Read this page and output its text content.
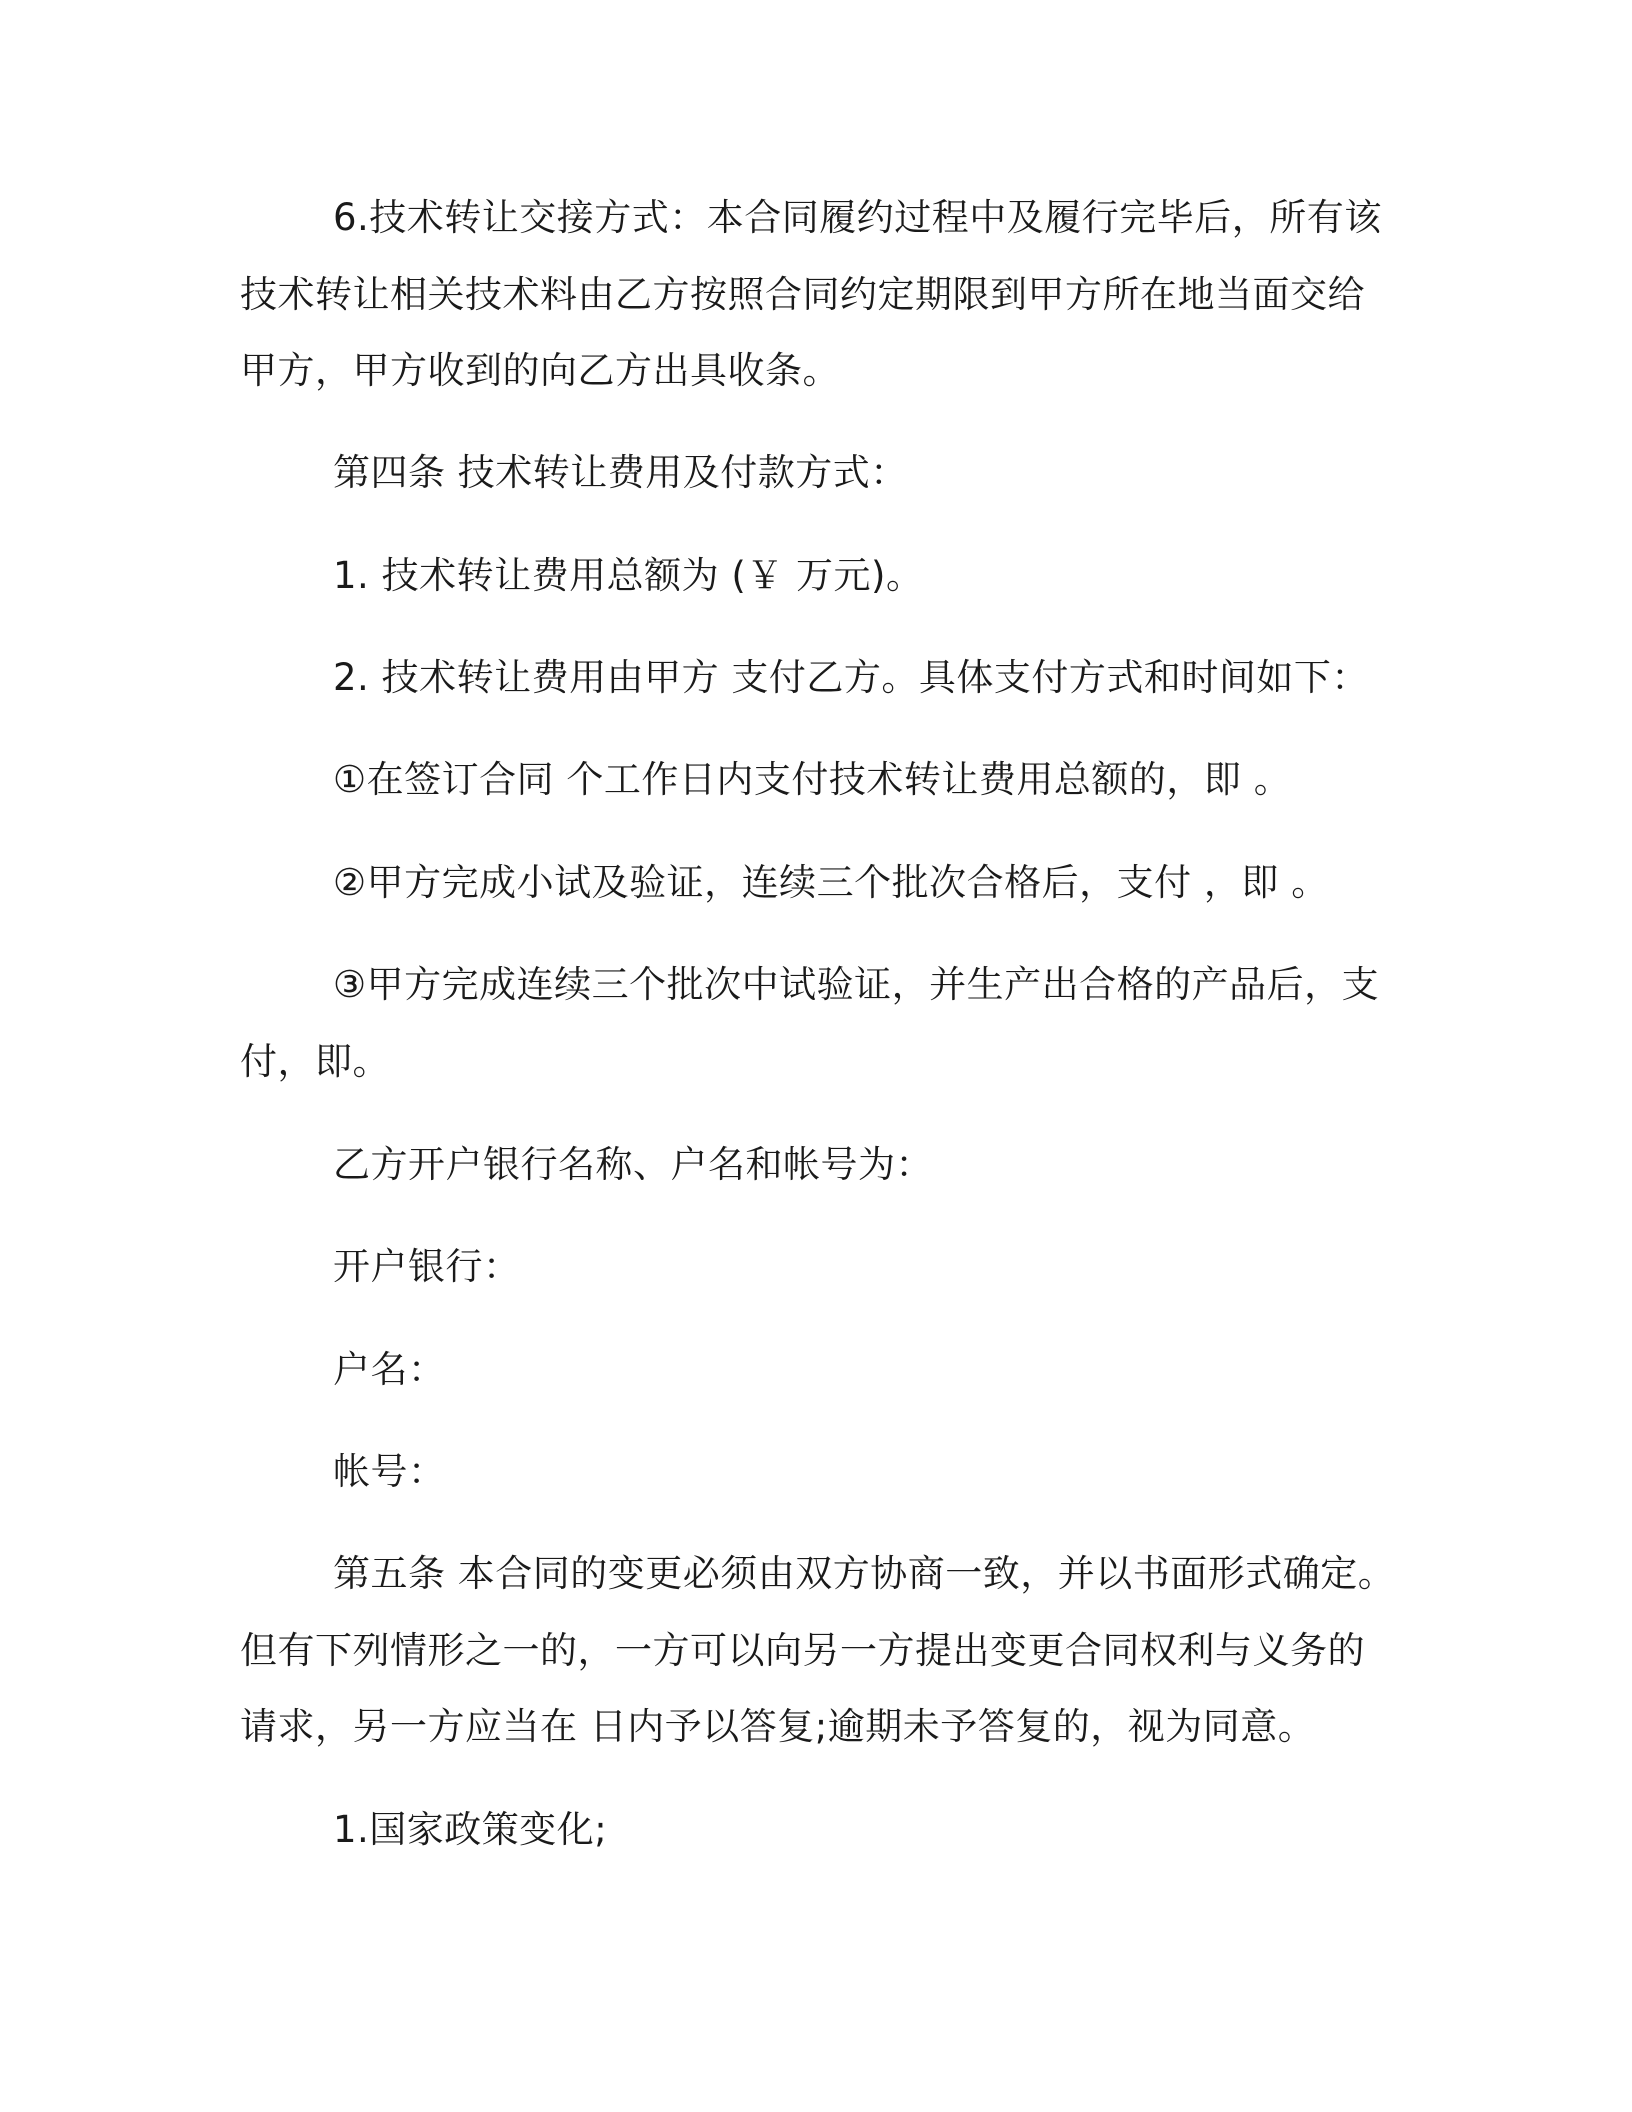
6.技术转让交接方式：本合同履约过程中及履行完毕后，所有该

技术转让相关技术料由乙方按照合同约定期限到甲方所在地当面交给

甲方，甲方收到的向乙方出具收条。

第四条 技术转让费用及付款方式：

1. 技术转让费用总额为 (￥ 万元)。

2. 技术转让费用由甲方 支付乙方。具体支付方式和时间如下：

①在签订合同 个工作日内支付技术转让费用总额的，即 。

②甲方完成小试及验证，连续三个批次合格后，支付 ，即 。

③甲方完成连续三个批次中试验证，并生产出合格的产品后，支

付，即。

乙方开户银行名称、户名和帐号为：

开户银行：

户名：

帐号：

第五条 本合同的变更必须由双方协商一致，并以书面形式确定。

但有下列情形之一的，一方可以向另一方提出变更合同权利与义务的

请求，另一方应当在 日内予以答复;逾期未予答复的，视为同意。

1.国家政策变化;
